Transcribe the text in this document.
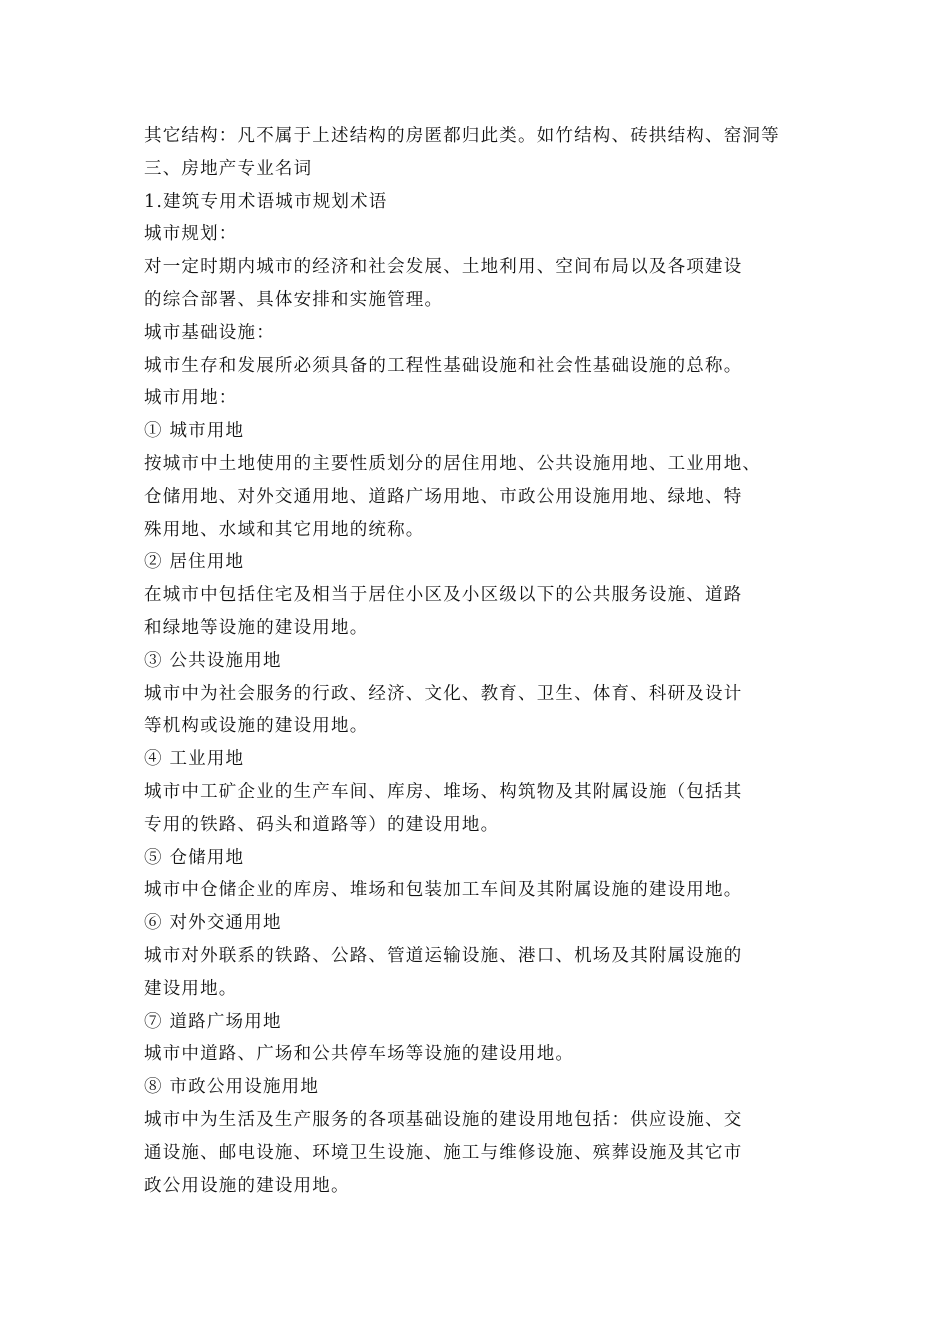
其它结构：凡不属于上述结构的房匿都归此类。如竹结构、砖拱结构、窑洞等
三、房地产专业名词
1.建筑专用术语城市规划术语
城市规划：
对一定时期内城市的经济和社会发展、土地利用、空间布局以及各项建设
的综合部署、具体安排和实施管理。
城市基础设施：
城市生存和发展所必须具备的工程性基础设施和社会性基础设施的总称。
城市用地：
① 城市用地
按城市中土地使用的主要性质划分的居住用地、公共设施用地、工业用地、
仓储用地、对外交通用地、道路广场用地、市政公用设施用地、绿地、特
殊用地、水域和其它用地的统称。
② 居住用地
在城市中包括住宅及相当于居住小区及小区级以下的公共服务设施、道路
和绿地等设施的建设用地。
③ 公共设施用地
城市中为社会服务的行政、经济、文化、教育、卫生、体育、科研及设计
等机构或设施的建设用地。
④ 工业用地
城市中工矿企业的生产车间、库房、堆场、构筑物及其附属设施（包括其
专用的铁路、码头和道路等）的建设用地。
⑤ 仓储用地
城市中仓储企业的库房、堆场和包装加工车间及其附属设施的建设用地。
⑥ 对外交通用地
城市对外联系的铁路、公路、管道运输设施、港口、机场及其附属设施的
建设用地。
⑦ 道路广场用地
城市中道路、广场和公共停车场等设施的建设用地。
⑧ 市政公用设施用地
城市中为生活及生产服务的各项基础设施的建设用地包括：供应设施、交
通设施、邮电设施、环境卫生设施、施工与维修设施、殡葬设施及其它市
政公用设施的建设用地。
